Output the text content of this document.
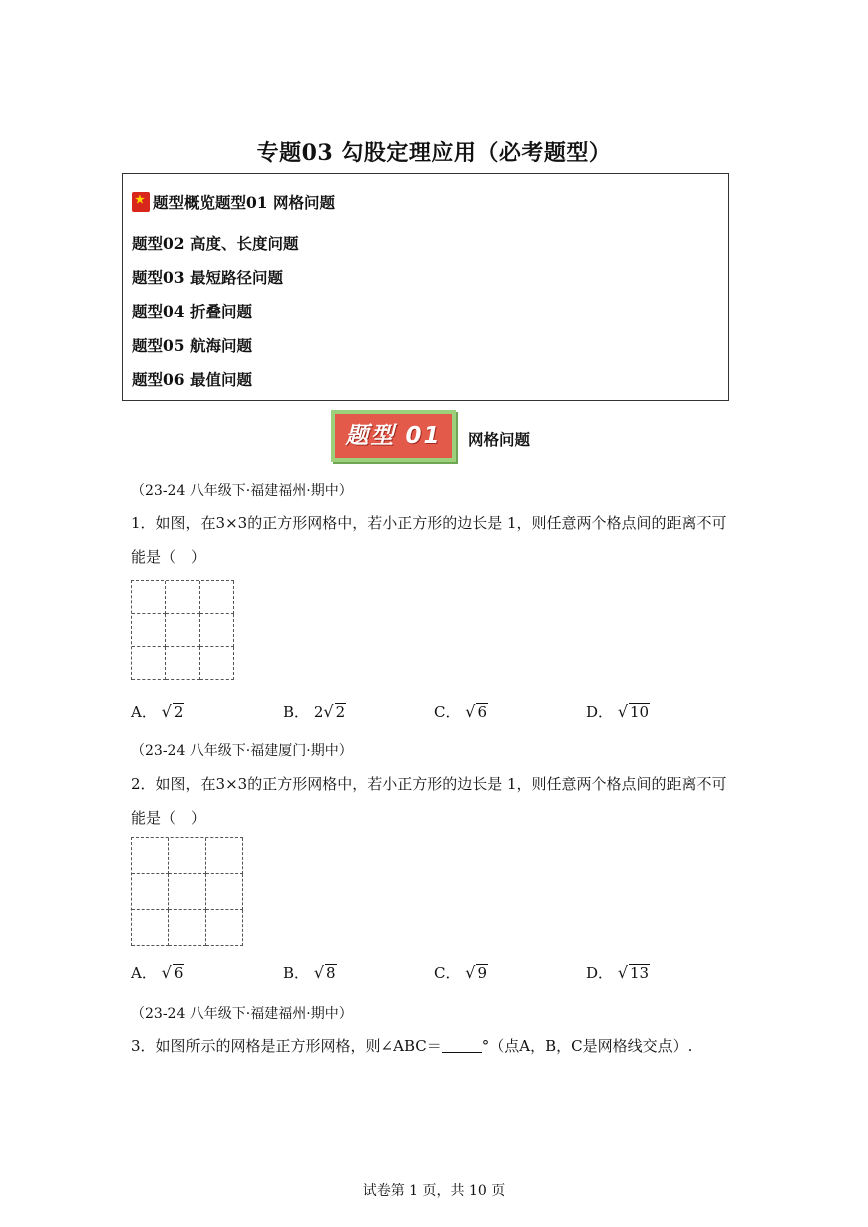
专题03 勾股定理应用（必考题型）
★ 题型概览题型01 网格问题
题型02 高度、长度问题
题型03 最短路径问题
题型04 折叠问题
题型05 航海问题
题型06 最值问题
题型 01	网格问题
（23-24 八年级下·福建福州·期中）
1．如图，在3×3的正方形网格中，若小正方形的边长是 1，则任意两个格点间的距离不可
能是（　）
A． √ 2	B． 2√ 2	C． √ 6	D． √ 10
（23-24 八年级下·福建厦门·期中）
2．如图，在3×3的正方形网格中，若小正方形的边长是 1，则任意两个格点间的距离不可
能是（　）
A． √ 6	B． √ 8	C． √ 9	D． √ 13
（23-24 八年级下·福建福州·期中）
3．如图所示的网格是正方形网格，则∠ABC＝	°（点A，B，C是网格线交点）.
试卷第 1 页，共 10 页
